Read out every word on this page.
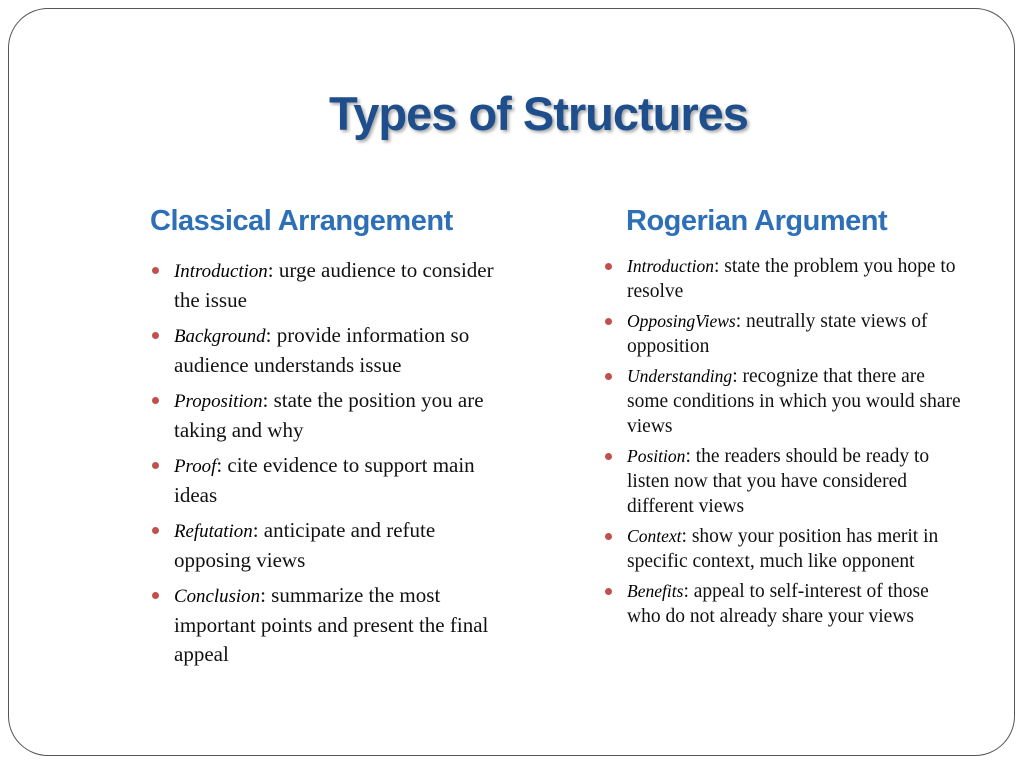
Types of Structures
Classical Arrangement	Rogerian Argument
Introduction: urge audience to consider the issue
Background: provide information so audience understands issue
Proposition: state the position you are taking and why
Proof: cite evidence to support main ideas
Refutation: anticipate and refute opposing views
Conclusion: summarize the most important points and present the final appeal
Introduction: state the problem you hope to resolve
OpposingViews: neutrally state views of opposition
Understanding: recognize that there are some conditions in which you would share views
Position: the readers should be ready to listen now that you have considered different views
Context: show your position has merit in specific context, much like opponent
Benefits: appeal to self-interest of those who do not already share your views
